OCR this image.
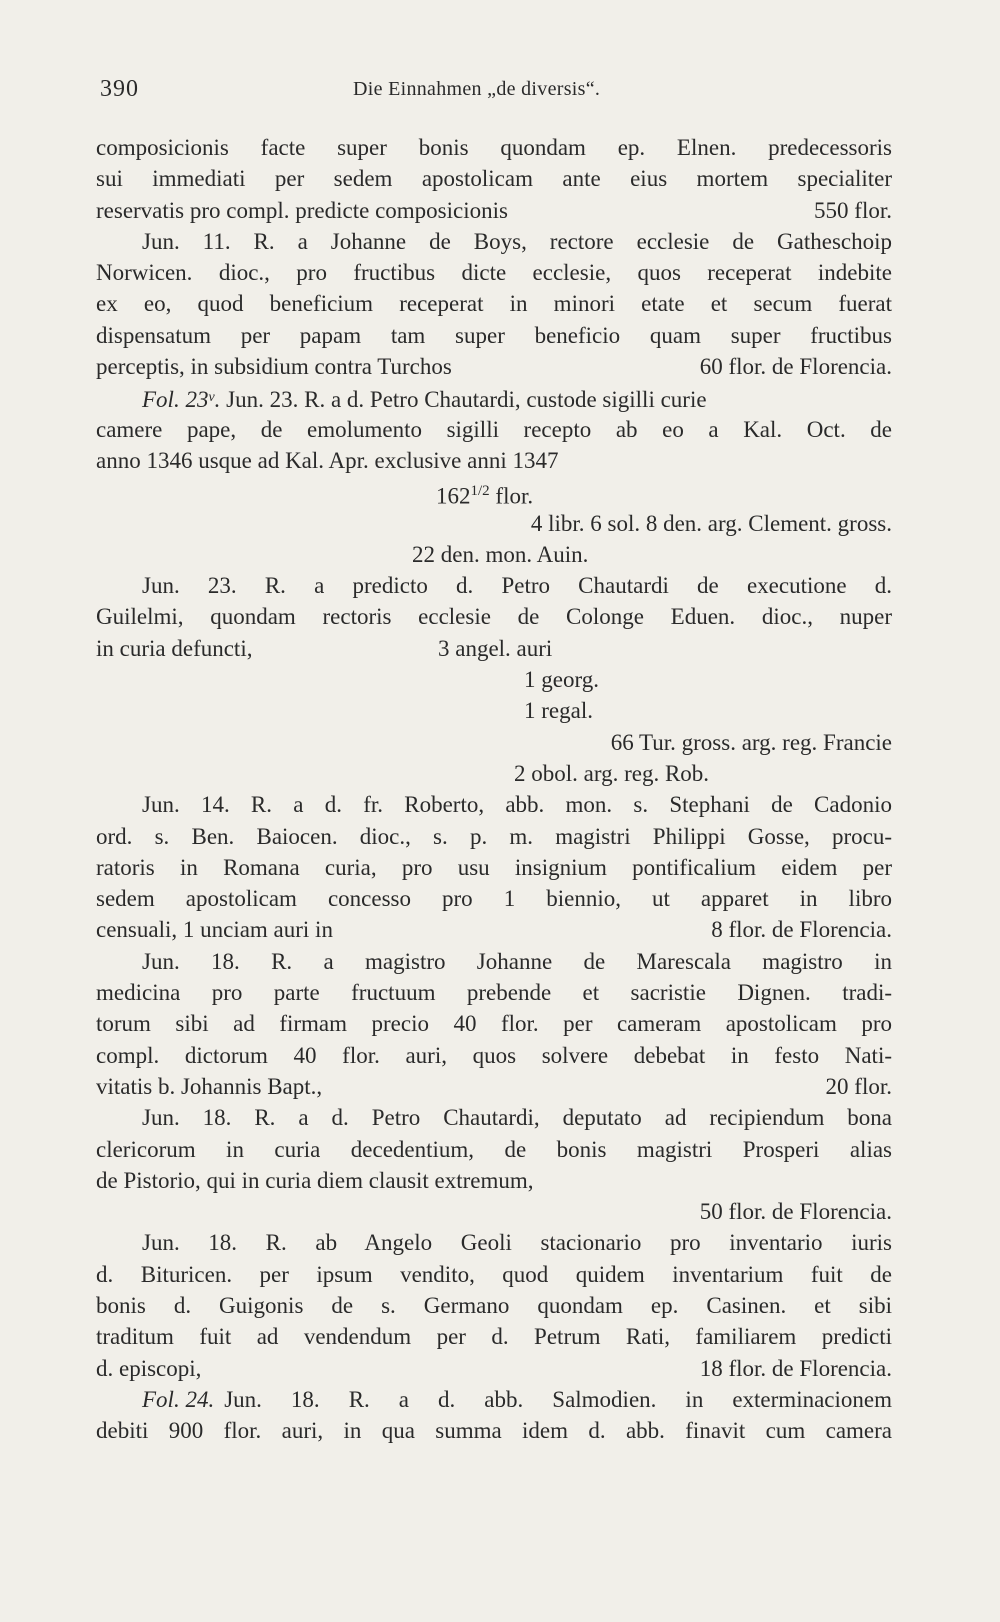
390	Die Einnahmen „de diversis“.
composicionis facte super bonis quondam ep. Elnen. predecessoris
sui immediati per sedem apostolicam ante eius mortem specialiter
reservatis pro compl. predicte composicionis	550 flor.
Jun. 11. R. a Johanne de Boys, rectore ecclesie de Gatheschoip
Norwicen. dioc., pro fructibus dicte ecclesie, quos receperat indebite
ex eo, quod beneficium receperat in minori etate et secum fuerat
dispensatum per papam tam super beneficio quam super fructibus
perceptis, in subsidium contra Turchos	60 flor. de Florencia.
Fol. 23$^v$. Jun. 23. R. a d. Petro Chautardi, custode sigilli curie
camere pape, de emolumento sigilli recepto ab eo a Kal. Oct. de
anno 1346 usque ad Kal. Apr. exclusive anni 1347
$162^{1/2}$ flor.
4 libr. 6 sol. 8 den. arg. Clement. gross.
22 den. mon. Auin.
Jun. 23. R. a predicto d. Petro Chautardi de executione d.
Guilelmi, quondam rectoris ecclesie de Colonge Eduen. dioc., nuper
in curia defuncti,	3 angel. auri
1 georg.
1 regal.
66 Tur. gross. arg. reg. Francie
2 obol. arg. reg. Rob.
Jun. 14. R. a d. fr. Roberto, abb. mon. s. Stephani de Cadonio
ord. s. Ben. Baiocen. dioc., s. p. m. magistri Philippi Gosse, procu-
ratoris in Romana curia, pro usu insignium pontificalium eidem per
sedem apostolicam concesso pro 1 biennio, ut apparet in libro
censuali, 1 unciam auri in	8 flor. de Florencia.
Jun. 18. R. a magistro Johanne de Marescala magistro in
medicina pro parte fructuum prebende et sacristie Dignen. tradi-
torum sibi ad firmam precio 40 flor. per cameram apostolicam pro
compl. dictorum 40 flor. auri, quos solvere debebat in festo Nati-
vitatis b. Johannis Bapt.,	20 flor.
Jun. 18. R. a d. Petro Chautardi, deputato ad recipiendum bona
clericorum in curia decedentium, de bonis magistri Prosperi alias
de Pistorio, qui in curia diem clausit extremum,
50 flor. de Florencia.
Jun. 18. R. ab Angelo Geoli stacionario pro inventario iuris
d. Bituricen. per ipsum vendito, quod quidem inventarium fuit de
bonis d. Guigonis de s. Germano quondam ep. Casinen. et sibi
traditum fuit ad vendendum per d. Petrum Rati, familiarem predicti
d. episcopi,	18 flor. de Florencia.
Fol. 24. Jun. 18. R. a d. abb. Salmodien. in exterminacionem
debiti 900 flor. auri, in qua summa idem d. abb. finavit cum camera
